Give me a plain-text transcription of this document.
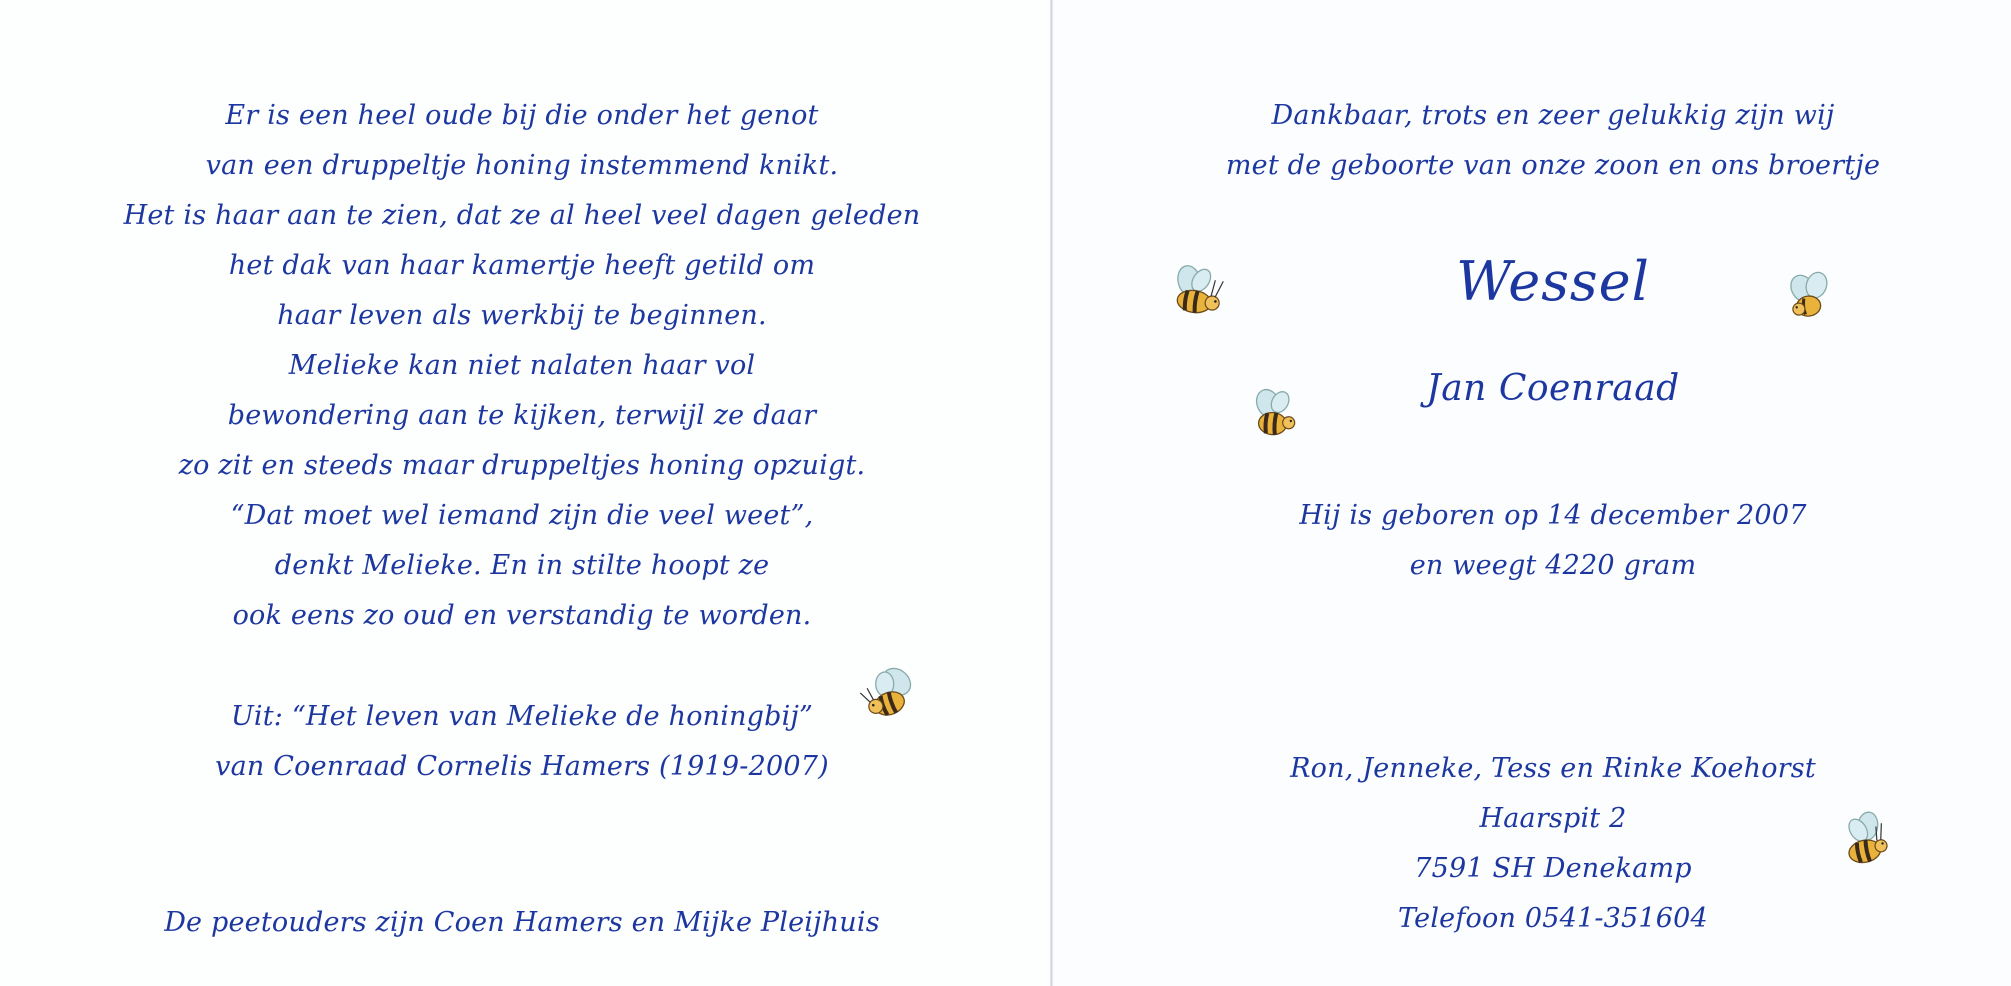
Er is een heel oude bij die onder het genot
van een druppeltje honing instemmend knikt.
Het is haar aan te zien, dat ze al heel veel dagen geleden
het dak van haar kamertje heeft getild om
haar leven als werkbij te beginnen.
Melieke kan niet nalaten haar vol
bewondering aan te kijken, terwijl ze daar
zo zit en steeds maar druppeltjes honing opzuigt.
“Dat moet wel iemand zijn die veel weet”,
denkt Melieke. En in stilte hoopt ze
ook eens zo oud en verstandig te worden.
Uit: “Het leven van Melieke de honingbij”
van Coenraad Cornelis Hamers (1919-2007)
De peetouders zijn Coen Hamers en Mijke Pleijhuis
Dankbaar, trots en zeer gelukkig zijn wij
met de geboorte van onze zoon en ons broertje
Wessel
Jan Coenraad
Hij is geboren op 14 december 2007
en weegt 4220 gram
Ron, Jenneke, Tess en Rinke Koehorst
Haarspit 2
7591 SH Denekamp
Telefoon 0541-351604
